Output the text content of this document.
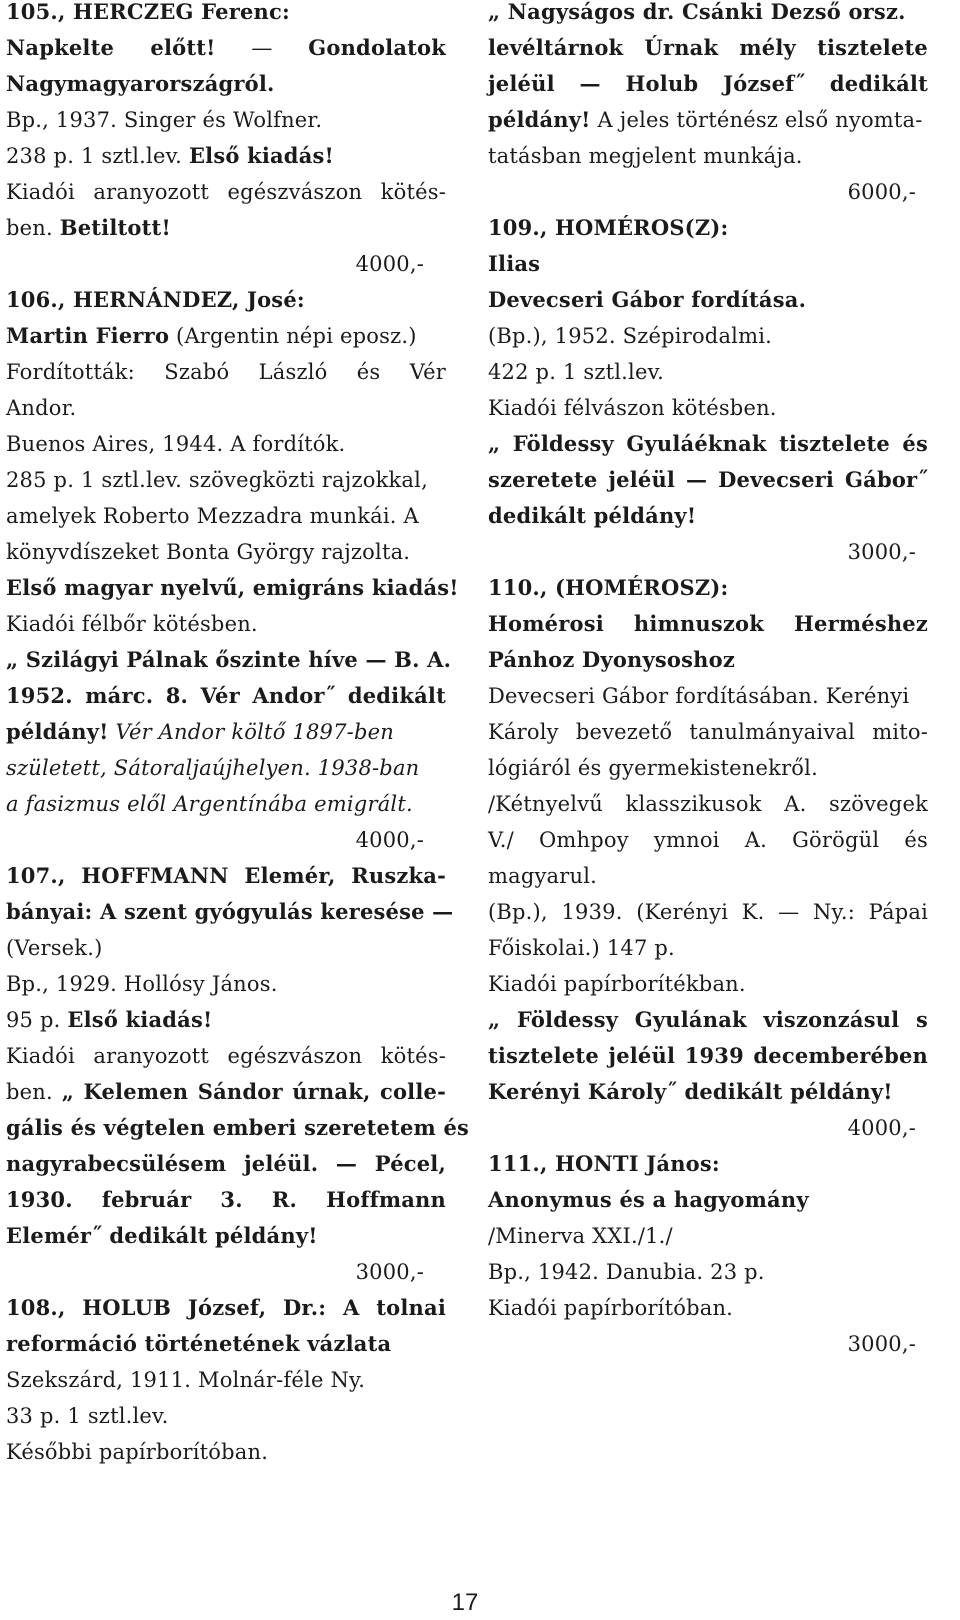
105., HERCZEG Ferenc:
Napkelte előtt! — Gondolatok
Nagymagyarországról.
Bp., 1937. Singer és Wolfner.
238 p. 1 sztl.lev. Első kiadás!
Kiadói aranyozott egészvászon kötés-
ben. Betiltott!
4000,-
106., HERNÁNDEZ, José:
Martin Fierro (Argentin népi eposz.)
Fordították: Szabó László és Vér
Andor.
Buenos Aires, 1944. A fordítók.
285 p. 1 sztl.lev. szövegközti rajzokkal,
amelyek Roberto Mezzadra munkái. A
könyvdíszeket Bonta György rajzolta.
Első magyar nyelvű, emigráns kiadás!
Kiadói félbőr kötésben.
„ Szilágyi Pálnak őszinte híve — B. A.
1952. márc. 8. Vér Andor˝ dedikált
példány! Vér Andor költő 1897-ben
született, Sátoraljaújhelyen. 1938-ban
a fasizmus elől Argentínába emigrált.
4000,-
107., HOFFMANN Elemér, Ruszka-
bányai: A szent gyógyulás keresése —
(Versek.)
Bp., 1929. Hollósy János.
95 p. Első kiadás!
Kiadói aranyozott egészvászon kötés-
ben. „ Kelemen Sándor úrnak, colle-
gális és végtelen emberi szeretetem és
nagyrabecsülésem jeléül. — Pécel,
1930. február 3. R. Hoffmann
Elemér˝ dedikált példány!
3000,-
108., HOLUB József, Dr.: A tolnai
reformáció történetének vázlata
Szekszárd, 1911. Molnár-féle Ny.
33 p. 1 sztl.lev.
Későbbi papírborítóban.
„ Nagyságos dr. Csánki Dezső orsz.
levéltárnok Úrnak mély tisztelete
jeléül — Holub József˝ dedikált
példány! A jeles történész első nyomta-
tatásban megjelent munkája.
6000,-
109., HOMÉROS(Z):
Ilias
Devecseri Gábor fordítása.
(Bp.), 1952. Szépirodalmi.
422 p. 1 sztl.lev.
Kiadói félvászon kötésben.
„ Földessy Gyuláéknak tisztelete és
szeretete jeléül — Devecseri Gábor˝
dedikált példány!
3000,-
110., (HOMÉROSZ):
Homérosi himnuszok Herméshez
Pánhoz Dyonysoshoz
Devecseri Gábor fordításában. Kerényi
Károly bevezető tanulmányaival mito-
lógiáról és gyermekistenekről.
/Kétnyelvű klasszikusok A. szövegek
V./ Omhpoy ymnoi A. Görögül és
magyarul.
(Bp.), 1939. (Kerényi K. — Ny.: Pápai
Főiskolai.) 147 p.
Kiadói papírborítékban.
„ Földessy Gyulának viszonzásul s
tisztelete jeléül 1939 decemberében
Kerényi Károly˝ dedikált példány!
4000,-
111., HONTI János:
Anonymus és a hagyomány
/Minerva XXI./1./
Bp., 1942. Danubia. 23 p.
Kiadói papírborítóban.
3000,-
17
